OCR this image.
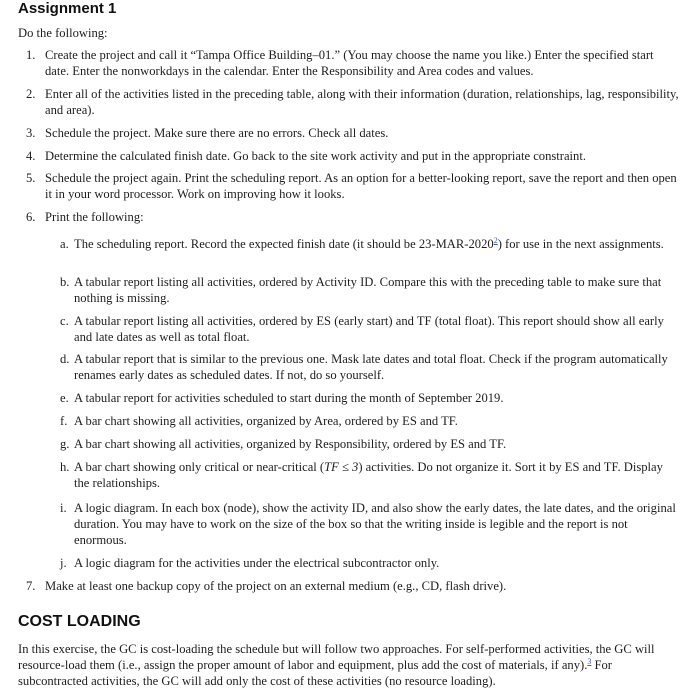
Assignment 1
Do the following:
1. Create the project and call it “Tampa Office Building–01.” (You may choose the name you like.) Enter the specified start date. Enter the nonworkdays in the calendar. Enter the Responsibility and Area codes and values.
2. Enter all of the activities listed in the preceding table, along with their information (duration, relationships, lag, responsibility, and area).
3. Schedule the project. Make sure there are no errors. Check all dates.
4. Determine the calculated finish date. Go back to the site work activity and put in the appropriate constraint.
5. Schedule the project again. Print the scheduling report. As an option for a better-looking report, save the report and then open it in your word processor. Work on improving how it looks.
6. Print the following:
a. The scheduling report. Record the expected finish date (it should be 23-MAR-2020$^2$) for use in the next assignments.
b. A tabular report listing all activities, ordered by Activity ID. Compare this with the preceding table to make sure that nothing is missing.
c. A tabular report listing all activities, ordered by ES (early start) and TF (total float). This report should show all early and late dates as well as total float.
d. A tabular report that is similar to the previous one. Mask late dates and total float. Check if the program automatically renames early dates as scheduled dates. If not, do so yourself.
e. A tabular report for activities scheduled to start during the month of September 2019.
f. A bar chart showing all activities, organized by Area, ordered by ES and TF.
g. A bar chart showing all activities, organized by Responsibility, ordered by ES and TF.
h. A bar chart showing only critical or near-critical (TF ≤ 3) activities. Do not organize it. Sort it by ES and TF. Display the relationships.
i. A logic diagram. In each box (node), show the activity ID, and also show the early dates, the late dates, and the original duration. You may have to work on the size of the box so that the writing inside is legible and the report is not enormous.
j. A logic diagram for the activities under the electrical subcontractor only.
7. Make at least one backup copy of the project on an external medium (e.g., CD, flash drive).
COST LOADING
In this exercise, the GC is cost-loading the schedule but will follow two approaches. For self-performed activities, the GC will resource-load them (i.e., assign the proper amount of labor and equipment, plus add the cost of materials, if any).$^3$ For subcontracted activities, the GC will add only the cost of these activities (no resource loading).
